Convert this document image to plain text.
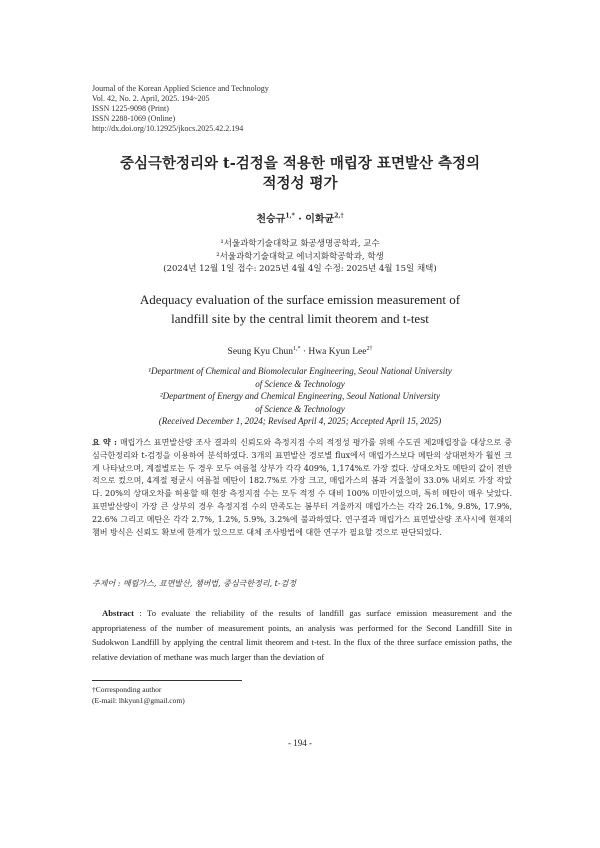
Journal of the Korean Applied Science and Technology
Vol. 42, No. 2. April, 2025. 194~205
ISSN 1225-9098 (Print)
ISSN 2288-1069 (Online)
http://dx.doi.org/10.12925/jkocs.2025.42.2.194
중심극한정리와 t-검정을 적용한 매립장 표면발산 측정의
적정성 평가
천승규$^{1,*}$ · 이화균$^{2,\dagger}$
¹서울과학기술대학교 화공생명공학과, 교수
²서울과학기술대학교 에너지화학공학과, 학생
(2024년 12월 1일 접수: 2025년 4월 4일 수정: 2025년 4월 15일 채택)
Adequacy evaluation of the surface emission measurement of
landfill site by the central limit theorem and t-test
Seung Kyu Chun$^{1,*}$ · Hwa Kyun Lee$^{2\dagger}$
¹Department of Chemical and Biomolecular Engineering, Seoul National University
of Science & Technology
²Department of Energy and Chemical Engineering, Seoul National University
of Science & Technology
(Received December 1, 2024; Revised April 4, 2025; Accepted April 15, 2025)
요 약 : 매립가스 표면발산량 조사 결과의 신뢰도와 측정지점 수의 적정성 평가를 위해 수도권 제2매립장을 대상으로 중심극한정리와 t-검정을 이용하여 분석하였다. 3개의 표면발산 경로별 flux에서 매립가스보다 메탄의 상대편차가 훨씬 크게 나타났으며, 계절별로는 두 경우 모두 여름철 상부가 각각 409%, 1,174%로 가장 컸다. 상대오차도 메탄의 값이 전반적으로 컸으며, 4계절 평균시 여름철 메탄이 182.7%로 가장 크고, 매립가스의 봄과 겨울철이 33.0% 내외로 가장 작았다. 20%의 상대오차를 허용할 때 현장 측정지점 수는 모두 적정 수 대비 100% 미만이었으며, 특히 메탄이 매우 낮았다. 표면발산량이 가장 큰 상부의 경우 측정지점 수의 만족도는 봄부터 겨울까지 매립가스는 각각 26.1%, 9.8%, 17.9%, 22.6% 그리고 메탄은 각각 2.7%, 1.2%, 5.9%, 3.2%에 불과하였다. 연구결과 매립가스 표면발산량 조사시에 현재의 챔버 방식은 신뢰도 확보에 한계가 있으므로 대체 조사방법에 대한 연구가 필요할 것으로 판단되었다.
주제어 : 매립가스, 표면발산, 챔버법, 중심극한정리, t-검정
Abstract : To evaluate the reliability of the results of landfill gas surface emission measurement and the appropriateness of the number of measurement points, an analysis was performed for the Second Landfill Site in Sudokwon Landfill by applying the central limit theorem and t-test. In the flux of the three surface emission paths, the relative deviation of methane was much larger than the deviation of
†Corresponding author
(E-mail: lhkyun1@gmail.com)
- 194 -
